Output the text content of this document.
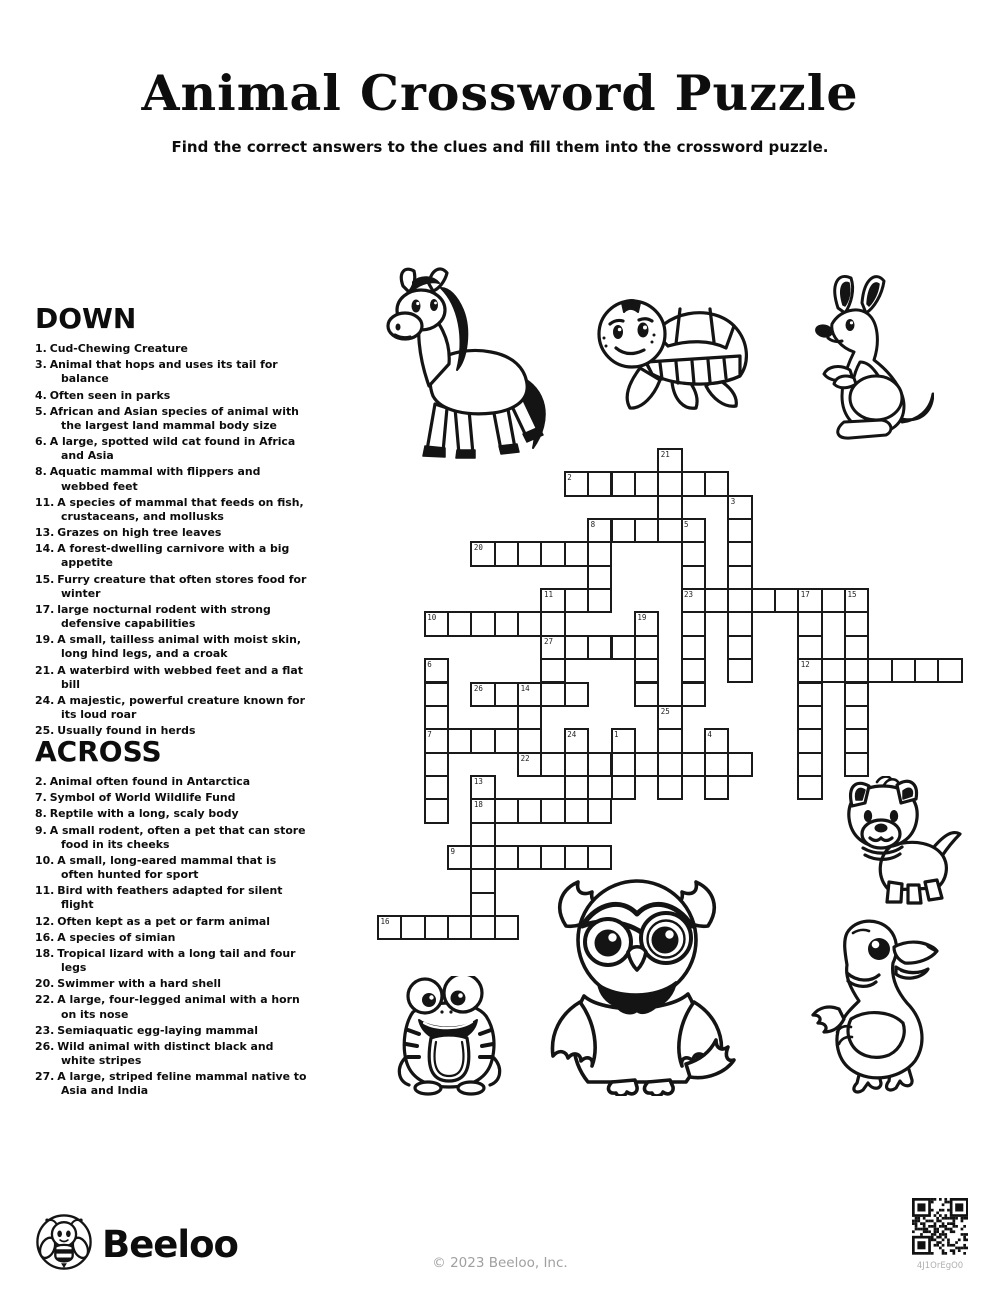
Animal Crossword Puzzle
Find the correct answers to the clues and fill them into the crossword puzzle.
DOWN
1. Cud-Chewing Creature
3. Animal that hops and uses its tail for balance
4. Often seen in parks
5. African and Asian species of animal with the largest land mammal body size
6. A large, spotted wild cat found in Africa and Asia
8. Aquatic mammal with flippers and webbed feet
11. A species of mammal that feeds on fish, crustaceans, and mollusks
13. Grazes on high tree leaves
14. A forest-dwelling carnivore with a big appetite
15. Furry creature that often stores food for winter
17. large nocturnal rodent with strong defensive capabilities
19. A small, tailless animal with moist skin, long hind legs, and a croak
21. A waterbird with webbed feet and a flat bill
24. A majestic, powerful creature known for its loud roar
25. Usually found in herds
ACROSS
2. Animal often found in Antarctica
7. Symbol of World Wildlife Fund
8. Reptile with a long, scaly body
9. A small rodent, often a pet that can store food in its cheeks
10. A small, long-eared mammal that is often hunted for sport
11. Bird with feathers adapted for silent flight
12. Often kept as a pet or farm animal
16. A species of simian
18. Tropical lizard with a long tail and four legs
20. Swimmer with a hard shell
22. A large, four-legged animal with a horn on its nose
23. Semiaquatic egg-laying mammal
26. Wild animal with distinct black and white stripes
27. A large, striped feline mammal native to Asia and India
21
2
3
8	5
20
11	23	17	15
10	19
27
6	12
26	14
25
7	24	1	4
22
13
18
9
16
Beeloo	© 2023 Beeloo, Inc.	4J1OrEgO0
